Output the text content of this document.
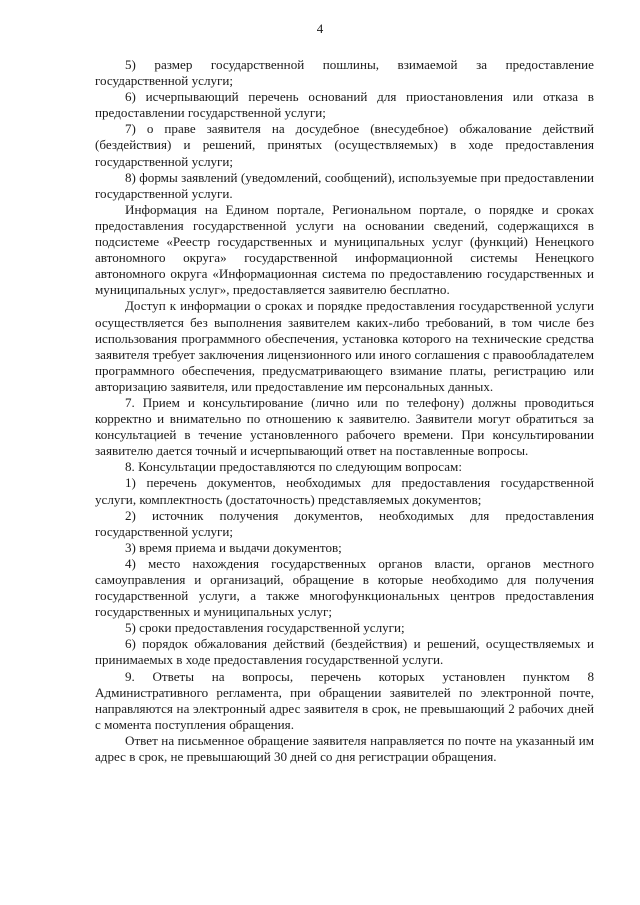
4

5) размер государственной пошлины, взимаемой за предоставление государственной услуги;

6) исчерпывающий перечень оснований для приостановления или отказа в предоставлении государственной услуги;

7) о праве заявителя на досудебное (внесудебное) обжалование действий (бездействия) и решений, принятых (осуществляемых) в ходе предоставления государственной услуги;

8) формы заявлений (уведомлений, сообщений), используемые при предоставлении государственной услуги.

Информация на Едином портале, Региональном портале, о порядке и сроках предоставления государственной услуги на основании сведений, содержащихся в подсистеме «Реестр государственных и муниципальных услуг (функций) Ненецкого автономного округа» государственной информационной системы Ненецкого автономного округа «Информационная система по предоставлению государственных и муниципальных услуг», предоставляется заявителю бесплатно.

Доступ к информации о сроках и порядке предоставления государственной услуги осуществляется без выполнения заявителем каких-либо требований, в том числе без использования программного обеспечения, установка которого на технические средства заявителя требует заключения лицензионного или иного соглашения с правообладателем программного обеспечения, предусматривающего взимание платы, регистрацию или авторизацию заявителя, или предоставление им персональных данных.

7. Прием и консультирование (лично или по телефону) должны проводиться корректно и внимательно по отношению к заявителю. Заявители могут обратиться за консультацией в течение установленного рабочего времени. При консультировании заявителю дается точный и исчерпывающий ответ на поставленные вопросы.

8. Консультации предоставляются по следующим вопросам:

1) перечень документов, необходимых для предоставления государственной услуги, комплектность (достаточность) представляемых документов;

2) источник получения документов, необходимых для предоставления государственной услуги;

3) время приема и выдачи документов;

4) место нахождения государственных органов власти, органов местного самоуправления и организаций, обращение в которые необходимо для получения государственной услуги, а также многофункциональных центров предоставления государственных и муниципальных услуг;

5) сроки предоставления государственной услуги;

6) порядок обжалования действий (бездействия) и решений, осуществляемых и принимаемых в ходе предоставления государственной услуги.

9. Ответы на вопросы, перечень которых установлен пунктом 8 Административного регламента, при обращении заявителей по электронной почте, направляются на электронный адрес заявителя в срок, не превышающий 2 рабочих дней с момента поступления обращения.

Ответ на письменное обращение заявителя направляется по почте на указанный им адрес в срок, не превышающий 30 дней со дня регистрации обращения.
